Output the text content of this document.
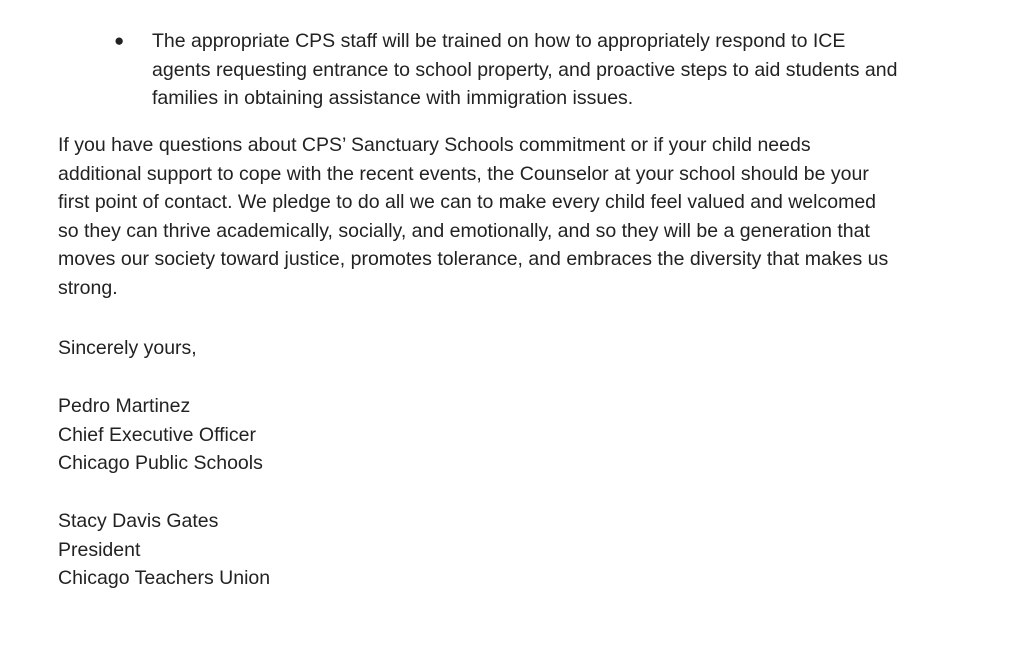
● The appropriate CPS staff will be trained on how to appropriately respond to ICE
agents requesting entrance to school property, and proactive steps to aid students and
families in obtaining assistance with immigration issues.
If you have questions about CPS’ Sanctuary Schools commitment or if your child needs
additional support to cope with the recent events, the Counselor at your school should be your
first point of contact. We pledge to do all we can to make every child feel valued and welcomed
so they can thrive academically, socially, and emotionally, and so they will be a generation that
moves our society toward justice, promotes tolerance, and embraces the diversity that makes us
strong.
Sincerely yours,
Pedro Martinez
Chief Executive Officer
Chicago Public Schools
Stacy Davis Gates
President
Chicago Teachers Union
